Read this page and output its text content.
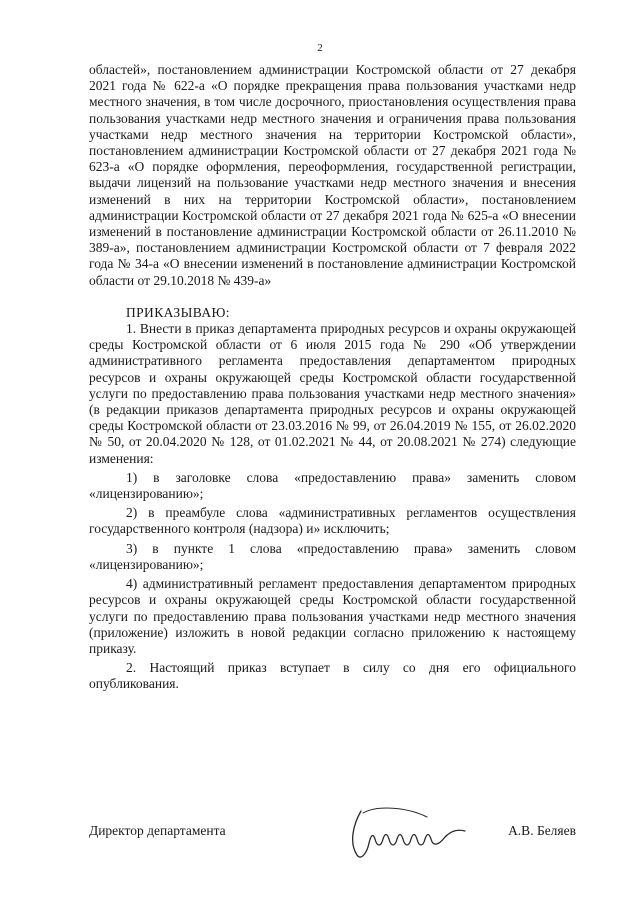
2

областей», постановлением администрации Костромской области от 27 декабря 2021 года № 622-а «О порядке прекращения права пользования участками недр местного значения, в том числе досрочного, приостановления осуществления права пользования участками недр местного значения и ограничения права пользования участками недр местного значения на территории Костромской области», постановлением администрации Костромской области от 27 декабря 2021 года № 623-а «О порядке оформления, переоформления, государственной регистрации, выдачи лицензий на пользование участками недр местного значения и внесения изменений в них на территории Костромской области», постановлением администрации Костромской области от 27 декабря 2021 года № 625-а «О внесении изменений в постановление администрации Костромской области от 26.11.2010 № 389-а», постановлением администрации Костромской области от 7 февраля 2022 года № 34-а «О внесении изменений в постановление администрации Костромской области от 29.10.2018 № 439-а»

ПРИКАЗЫВАЮ:

1. Внести в приказ департамента природных ресурсов и охраны окружающей среды Костромской области от 6 июля 2015 года № 290 «Об утверждении административного регламента предоставления департаментом природных ресурсов и охраны окружающей среды Костромской области государственной услуги по предоставлению права пользования участками недр местного значения» (в редакции приказов департамента природных ресурсов и охраны окружающей среды Костромской области от 23.03.2016 № 99, от 26.04.2019 № 155, от 26.02.2020 № 50, от 20.04.2020 № 128, от 01.02.2021 № 44, от 20.08.2021 № 274) следующие изменения:

1) в заголовке слова «предоставлению права» заменить словом «лицензированию»;

2) в преамбуле слова «административных регламентов осуществления государственного контроля (надзора) и» исключить;

3) в пункте 1 слова «предоставлению права» заменить словом «лицензированию»;

4) административный регламент предоставления департаментом природных ресурсов и охраны окружающей среды Костромской области государственной услуги по предоставлению права пользования участками недр местного значения (приложение) изложить в новой редакции согласно приложению к настоящему приказу.

2. Настоящий приказ вступает в силу со дня его официального опубликования.

Директор департамента	А.В. Беляев
